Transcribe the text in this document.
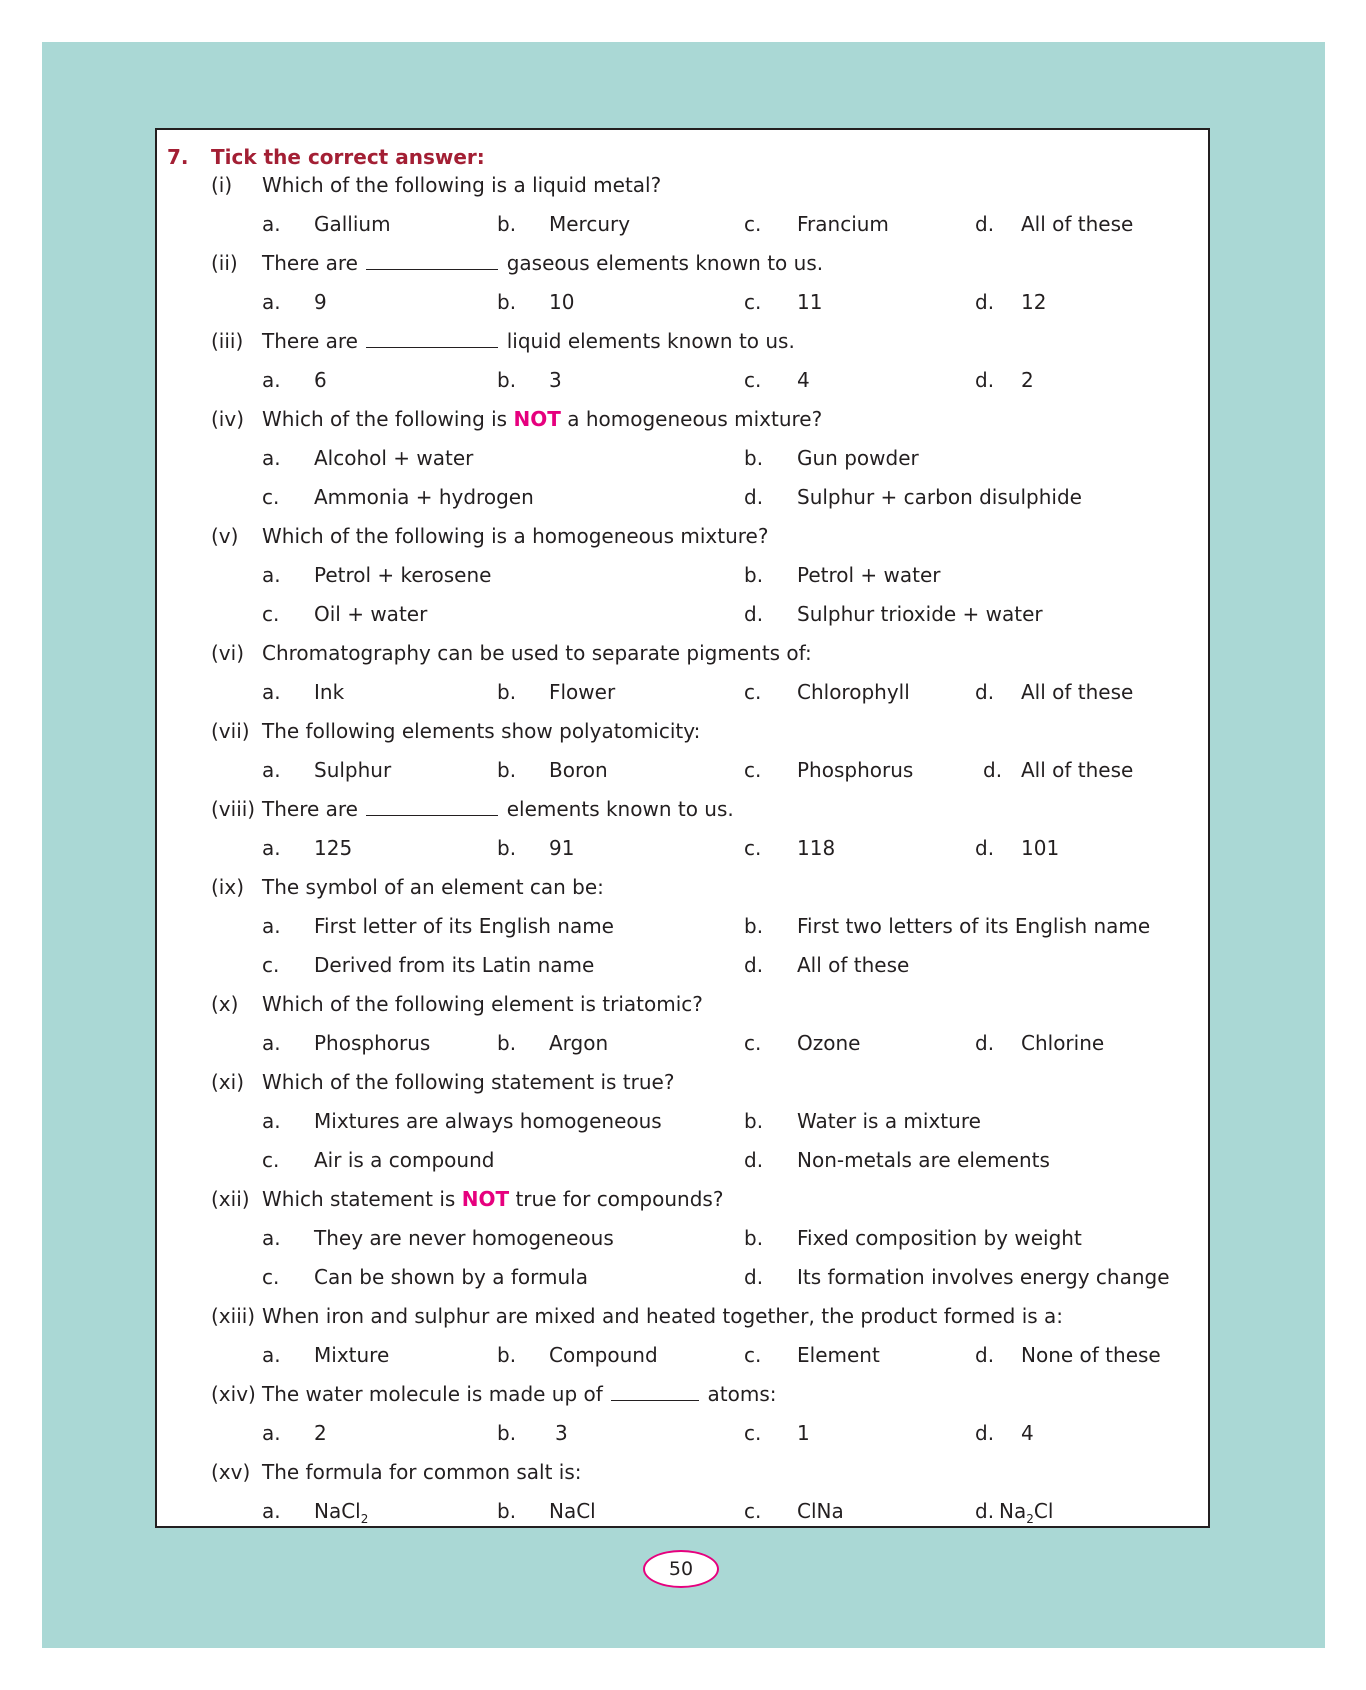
7. Tick the correct answer:
(i) Which of the following is a liquid metal?
a. Gallium	b. Mercury	c. Francium	d. All of these
(ii) There are	gaseous elements known to us.
a. 9	b. 10	c. 11	d. 12
(iii) There are	liquid elements known to us.
a. 6	b. 3	c. 4	d. 2
(iv) Which of the following is NOT a homogeneous mixture?
a. Alcohol + water	b. Gun powder
c. Ammonia + hydrogen	d. Sulphur + carbon disulphide
(v) Which of the following is a homogeneous mixture?
a. Petrol + kerosene	b. Petrol + water
c. Oil + water	d. Sulphur trioxide + water
(vi) Chromatography can be used to separate pigments of:
a. Ink	b. Flower	c. Chlorophyll	d. All of these
(vii) The following elements show polyatomicity:
a. Sulphur	b. Boron	c. Phosphorus	d. All of these
(viii) There are	elements known to us.
a. 125	b. 91	c. 118	d. 101
(ix) The symbol of an element can be:
a. First letter of its English name	b. First two letters of its English name
c. Derived from its Latin name	d. All of these
(x) Which of the following element is triatomic?
a. Phosphorus	b. Argon	c. Ozone	d. Chlorine
(xi) Which of the following statement is true?
a. Mixtures are always homogeneous	b. Water is a mixture
c. Air is a compound	d. Non-metals are elements
(xii) Which statement is NOT true for compounds?
a. They are never homogeneous	b. Fixed composition by weight
c. Can be shown by a formula	d. Its formation involves energy change
(xiii) When iron and sulphur are mixed and heated together, the product formed is a:
a. Mixture	b. Compound	c. Element	d. None of these
(xiv) The water molecule is made up of	atoms:
a. 2	b. 3	c. 1	d. 4
(xv) The formula for common salt is:
a. NaCl$_2$	b. NaCl	c. ClNa	d. $Na_2Cl$
50
